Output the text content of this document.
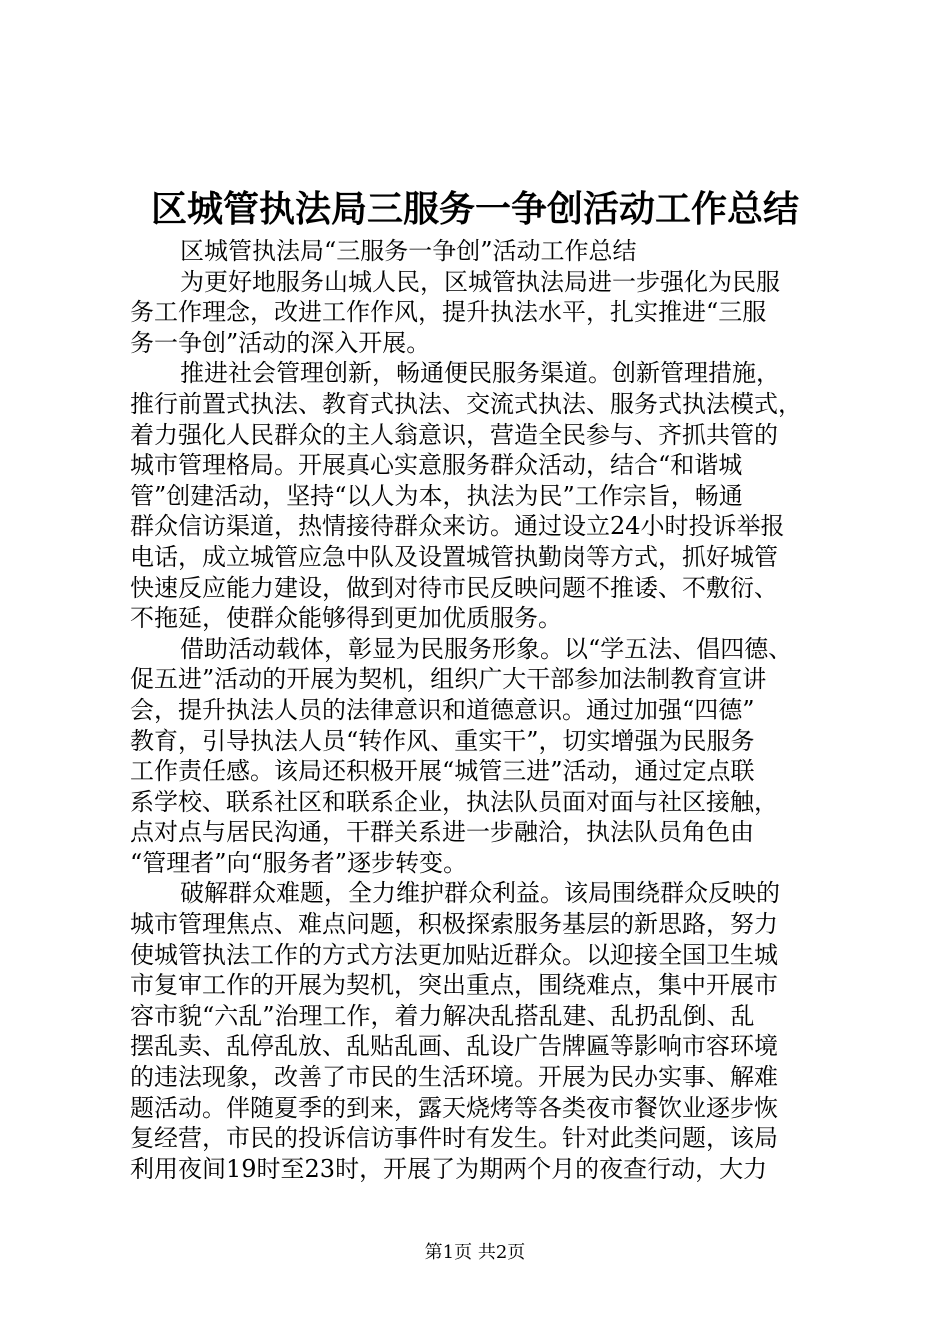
区城管执法局三服务一争创活动工作总结
区城管执法局“三服务一争创”活动工作总结
为更好地服务山城人民，区城管执法局进一步强化为民服
务工作理念，改进工作作风，提升执法水平，扎实推进“三服
务一争创”活动的深入开展。
推进社会管理创新，畅通便民服务渠道。创新管理措施，
推行前置式执法、教育式执法、交流式执法、服务式执法模式，
着力强化人民群众的主人翁意识，营造全民参与、齐抓共管的
城市管理格局。开展真心实意服务群众活动，结合“和谐城
管”创建活动，坚持“以人为本，执法为民”工作宗旨，畅通
群众信访渠道，热情接待群众来访。通过设立24小时投诉举报
电话，成立城管应急中队及设置城管执勤岗等方式，抓好城管
快速反应能力建设，做到对待市民反映问题不推诿、不敷衍、
不拖延，使群众能够得到更加优质服务。
借助活动载体，彰显为民服务形象。以“学五法、倡四德、
促五进”活动的开展为契机，组织广大干部参加法制教育宣讲
会，提升执法人员的法律意识和道德意识。通过加强“四德”
教育，引导执法人员“转作风、重实干”，切实增强为民服务
工作责任感。该局还积极开展“城管三进”活动，通过定点联
系学校、联系社区和联系企业，执法队员面对面与社区接触，
点对点与居民沟通，干群关系进一步融洽，执法队员角色由
“管理者”向“服务者”逐步转变。
破解群众难题，全力维护群众利益。该局围绕群众反映的
城市管理焦点、难点问题，积极探索服务基层的新思路，努力
使城管执法工作的方式方法更加贴近群众。以迎接全国卫生城
市复审工作的开展为契机，突出重点，围绕难点，集中开展市
容市貌“六乱”治理工作，着力解决乱搭乱建、乱扔乱倒、乱
摆乱卖、乱停乱放、乱贴乱画、乱设广告牌匾等影响市容环境
的违法现象，改善了市民的生活环境。开展为民办实事、解难
题活动。伴随夏季的到来，露天烧烤等各类夜市餐饮业逐步恢
复经营，市民的投诉信访事件时有发生。针对此类问题，该局
利用夜间19时至23时，开展了为期两个月的夜查行动，大力
第1页 共2页
